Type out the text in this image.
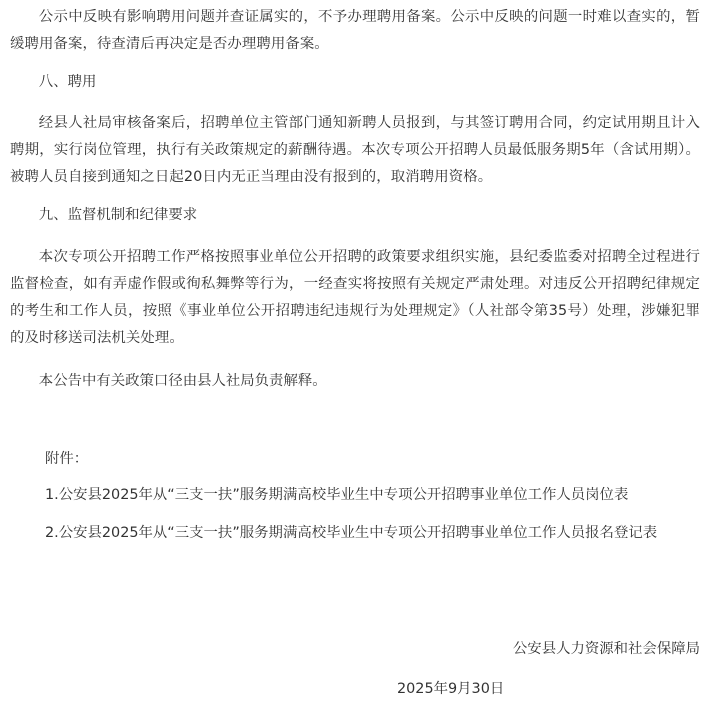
公示中反映有影响聘用问题并查证属实的，不予办理聘用备案。公示中反映的问题一时难以查实的，暂缓聘用备案，待查清后再决定是否办理聘用备案。

八、聘用

经县人社局审核备案后，招聘单位主管部门通知新聘人员报到，与其签订聘用合同，约定试用期且计入聘期，实行岗位管理，执行有关政策规定的薪酬待遇。本次专项公开招聘人员最低服务期5年（含试用期）。被聘人员自接到通知之日起20日内无正当理由没有报到的，取消聘用资格。

九、监督机制和纪律要求

本次专项公开招聘工作严格按照事业单位公开招聘的政策要求组织实施，县纪委监委对招聘全过程进行监督检查，如有弄虚作假或徇私舞弊等行为，一经查实将按照有关规定严肃处理。对违反公开招聘纪律规定的考生和工作人员，按照《事业单位公开招聘违纪违规行为处理规定》（人社部令第35号）处理，涉嫌犯罪的及时移送司法机关处理。

本公告中有关政策口径由县人社局负责解释。

附件：

1.公安县2025年从“三支一扶”服务期满高校毕业生中专项公开招聘事业单位工作人员岗位表

2.公安县2025年从“三支一扶”服务期满高校毕业生中专项公开招聘事业单位工作人员报名登记表

公安县人力资源和社会保障局

2025年9月30日
